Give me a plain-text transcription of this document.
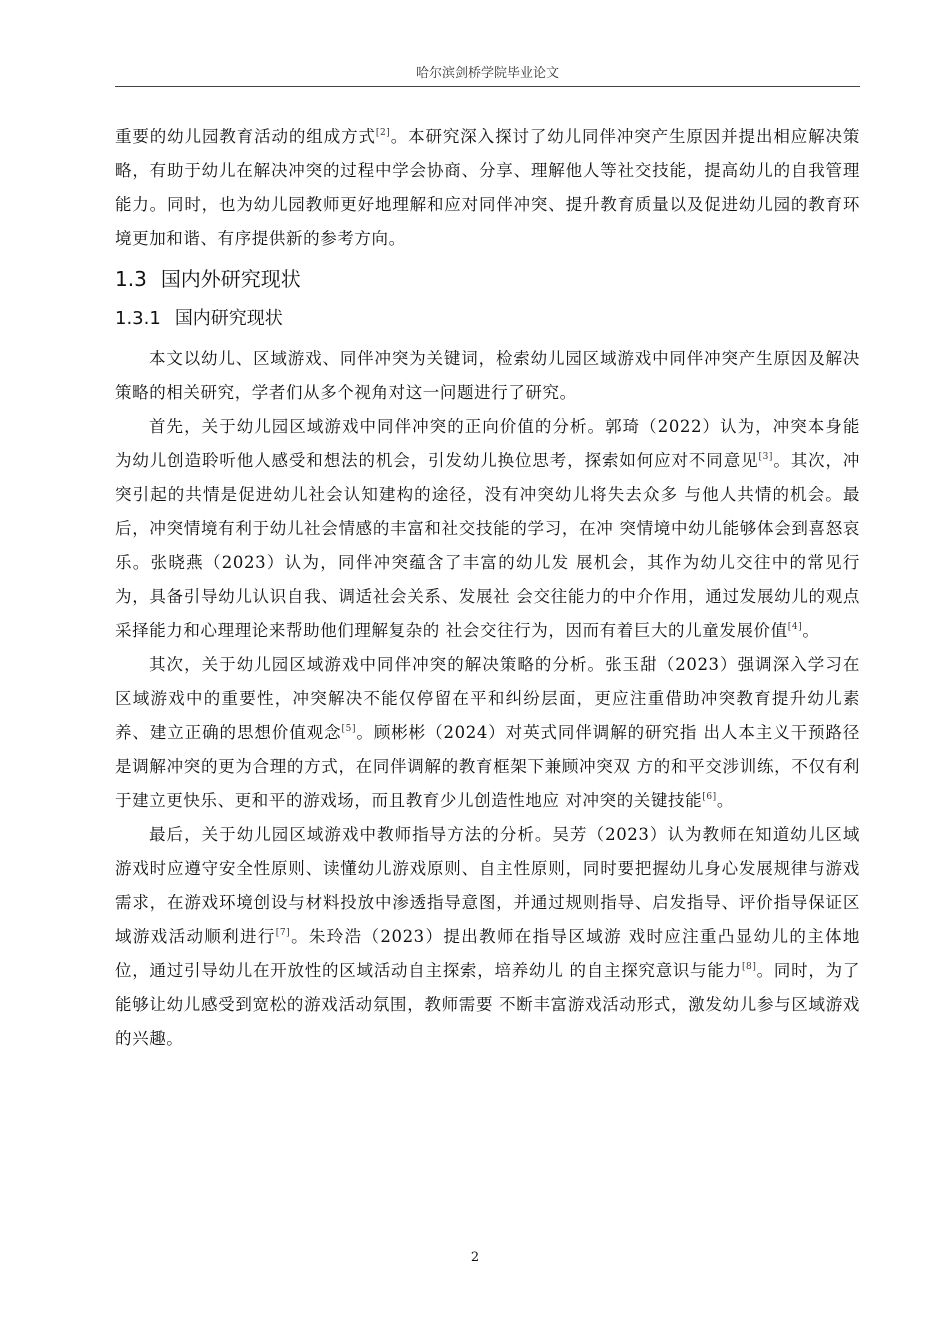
哈尔滨剑桥学院毕业论文

重要的幼儿园教育活动的组成方式[2]。本研究深入探讨了幼儿同伴冲突产生原因并提出相应解决策略，有助于幼儿在解决冲突的过程中学会协商、分享、理解他人等社交技能，提高幼儿的自我管理能力。同时，也为幼儿园教师更好地理解和应对同伴冲突、提升教育质量以及促进幼儿园的教育环境更加和谐、有序提供新的参考方向。

1.3 国内外研究现状
1.3.1 国内研究现状

本文以幼儿、区域游戏、同伴冲突为关键词，检索幼儿园区域游戏中同伴冲突产生原因及解决策略的相关研究，学者们从多个视角对这一问题进行了研究。

首先，关于幼儿园区域游戏中同伴冲突的正向价值的分析。郭琦（2022）认为，冲突本身能为幼儿创造聆听他人感受和想法的机会，引发幼儿换位思考，探索如何应对不同意见[3]。其次，冲突引起的共情是促进幼儿社会认知建构的途径，没有冲突幼儿将失去众多 与他人共情的机会。最后，冲突情境有利于幼儿社会情感的丰富和社交技能的学习，在冲 突情境中幼儿能够体会到喜怒哀乐。张晓燕（2023）认为，同伴冲突蕴含了丰富的幼儿发 展机会，其作为幼儿交往中的常见行为，具备引导幼儿认识自我、调适社会关系、发展社 会交往能力的中介作用，通过发展幼儿的观点采择能力和心理理论来帮助他们理解复杂的 社会交往行为，因而有着巨大的儿童发展价值[4]。

其次，关于幼儿园区域游戏中同伴冲突的解决策略的分析。张玉甜（2023）强调深入学习在区域游戏中的重要性，冲突解决不能仅停留在平和纠纷层面，更应注重借助冲突教育提升幼儿素养、建立正确的思想价值观念[5]。顾彬彬（2024）对英式同伴调解的研究指 出人本主义干预路径是调解冲突的更为合理的方式，在同伴调解的教育框架下兼顾冲突双 方的和平交涉训练，不仅有利于建立更快乐、更和平的游戏场，而且教育少儿创造性地应 对冲突的关键技能[6]。

最后，关于幼儿园区域游戏中教师指导方法的分析。吴芳（2023）认为教师在知道幼儿区域游戏时应遵守安全性原则、读懂幼儿游戏原则、自主性原则，同时要把握幼儿身心发展规律与游戏需求，在游戏环境创设与材料投放中渗透指导意图，并通过规则指导、启发指导、评价指导保证区域游戏活动顺利进行[7]。朱玲浩（2023）提出教师在指导区域游 戏时应注重凸显幼儿的主体地位，通过引导幼儿在开放性的区域活动自主探索，培养幼儿 的自主探究意识与能力[8]。同时，为了能够让幼儿感受到宽松的游戏活动氛围，教师需要 不断丰富游戏活动形式，激发幼儿参与区域游戏的兴趣。

2
